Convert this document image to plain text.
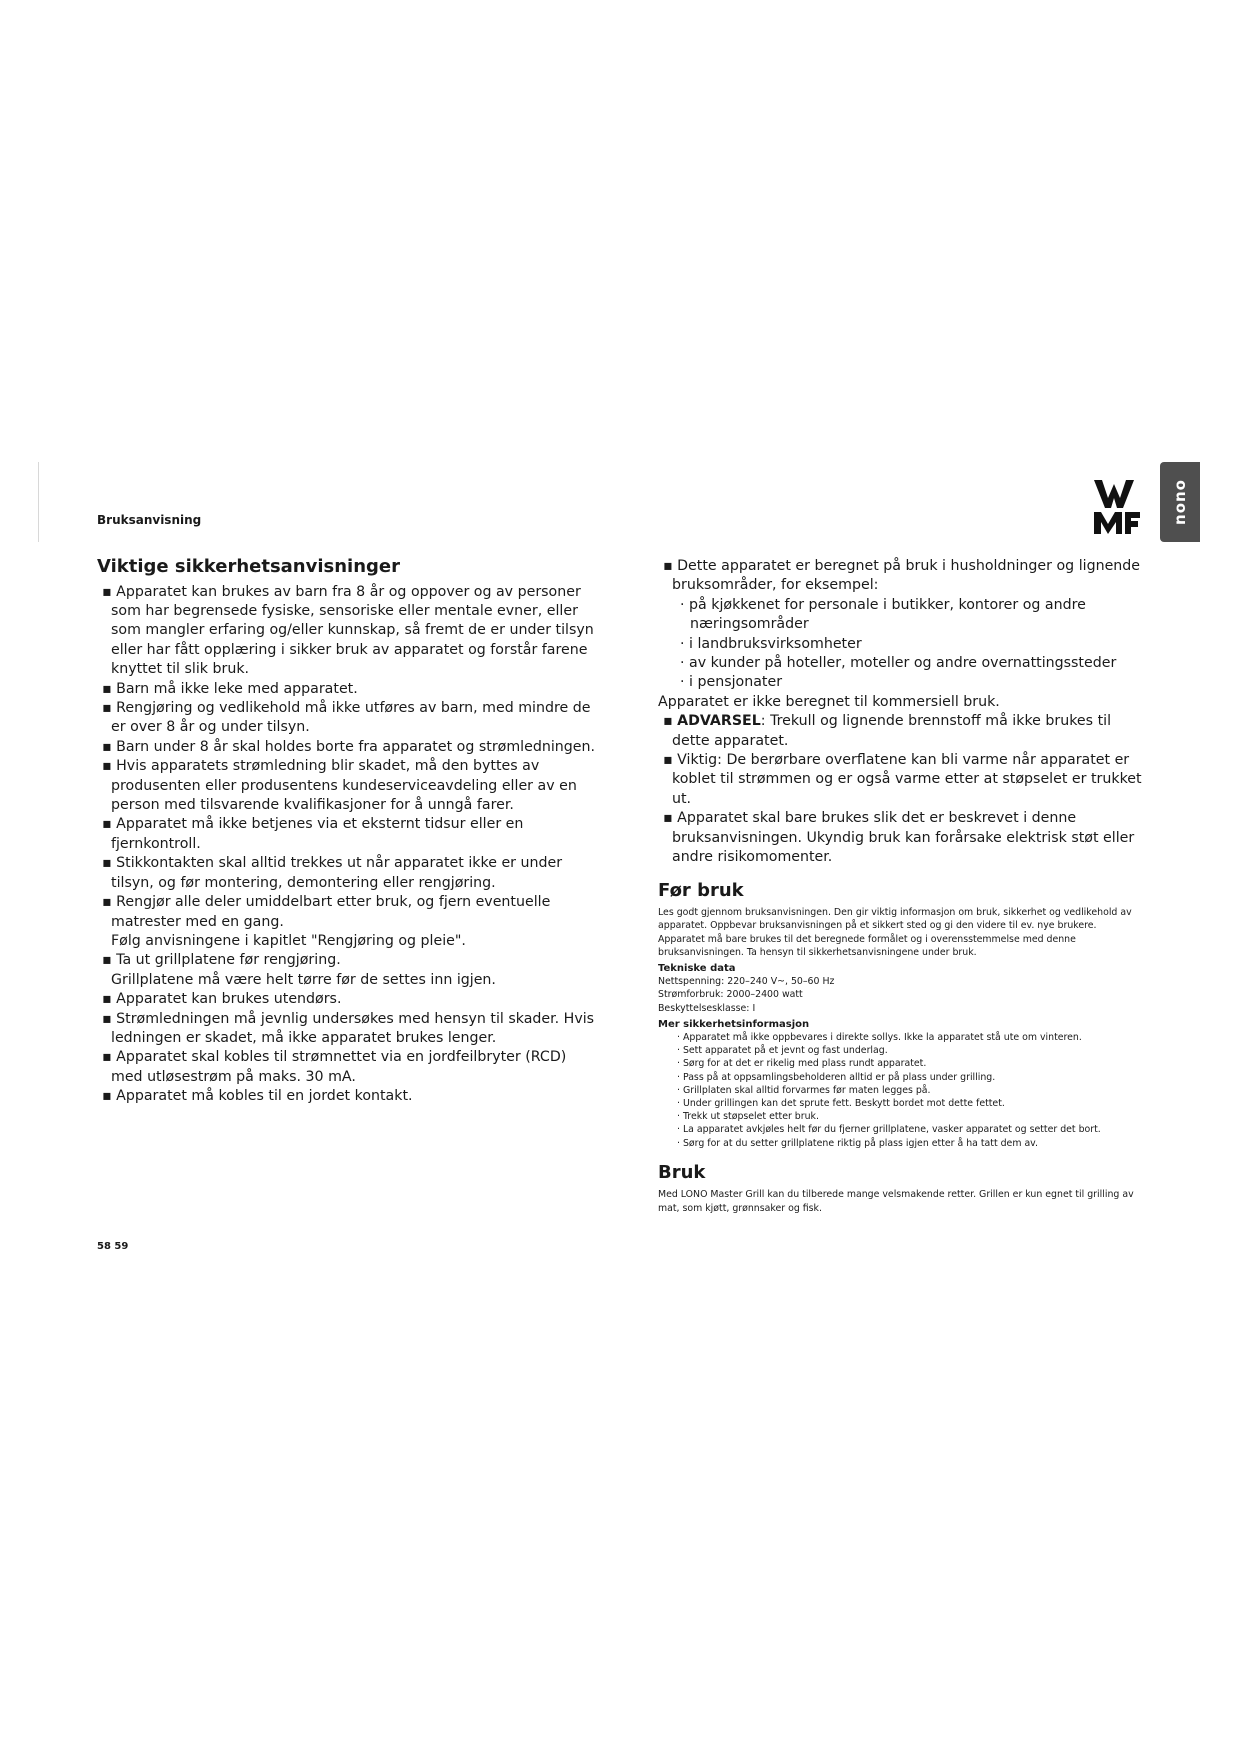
Bruksanvisning	nono
Viktige sikkerhetsanvisninger

▪ Apparatet kan brukes av barn fra 8 år og oppover og av personer som har begrensede fysiske, sensoriske eller mentale evner, eller som mangler erfaring og/eller kunnskap, så fremt de er under tilsyn eller har fått opplæring i sikker bruk av apparatet og forstår farene knyttet til slik bruk.

▪ Barn må ikke leke med apparatet.

▪ Rengjøring og vedlikehold må ikke utføres av barn, med mindre de er over 8 år og under tilsyn.

▪ Barn under 8 år skal holdes borte fra apparatet og strømledningen.

▪ Hvis apparatets strømledning blir skadet, må den byttes av produsenten eller produsentens kundeserviceavdeling eller av en person med tilsvarende kvalifikasjoner for å unngå farer.

▪ Apparatet må ikke betjenes via et eksternt tidsur eller en fjernkontroll.

▪ Stikkontakten skal alltid trekkes ut når apparatet ikke er under tilsyn, og før montering, demontering eller rengjøring.

▪ Rengjør alle deler umiddelbart etter bruk, og fjern eventuelle matrester med en gang.

Følg anvisningene i kapitlet "Rengjøring og pleie".

▪ Ta ut grillplatene før rengjøring.

Grillplatene må være helt tørre før de settes inn igjen.

▪ Apparatet kan brukes utendørs.

▪ Strømledningen må jevnlig undersøkes med hensyn til skader. Hvis ledningen er skadet, må ikke apparatet brukes lenger.

▪ Apparatet skal kobles til strømnettet via en jordfeilbryter (RCD) med utløsestrøm på maks. 30 mA.

▪ Apparatet må kobles til en jordet kontakt.

▪ Dette apparatet er beregnet på bruk i husholdninger og lignende bruksområder, for eksempel:

· på kjøkkenet for personale i butikker, kontorer og andre næringsområder

· i landbruksvirksomheter

· av kunder på hoteller, moteller og andre overnattingssteder

· i pensjonater

Apparatet er ikke beregnet til kommersiell bruk.

▪ ADVARSEL: Trekull og lignende brennstoff må ikke brukes til dette apparatet.

▪ Viktig: De berørbare overflatene kan bli varme når apparatet er koblet til strømmen og er også varme etter at støpselet er trukket ut.

▪ Apparatet skal bare brukes slik det er beskrevet i denne bruksanvisningen. Ukyndig bruk kan forårsake elektrisk støt eller andre risikomomenter.

Før bruk

Les godt gjennom bruksanvisningen. Den gir viktig informasjon om bruk, sikkerhet og vedlikehold av apparatet. Oppbevar bruksanvisningen på et sikkert sted og gi den videre til ev. nye brukere.

Apparatet må bare brukes til det beregnede formålet og i overensstemmelse med denne bruksanvisningen. Ta hensyn til sikkerhetsanvisningene under bruk.

Tekniske data

Nettspenning: 220–240 V~, 50–60 Hz

Strømforbruk: 2000–2400 watt

Beskyttelsesklasse: I

Mer sikkerhetsinformasjon

· Apparatet må ikke oppbevares i direkte sollys. Ikke la apparatet stå ute om vinteren.

· Sett apparatet på et jevnt og fast underlag.

· Sørg for at det er rikelig med plass rundt apparatet.

· Pass på at oppsamlingsbeholderen alltid er på plass under grilling.

· Grillplaten skal alltid forvarmes før maten legges på.

· Under grillingen kan det sprute fett. Beskytt bordet mot dette fettet.

· Trekk ut støpselet etter bruk.

· La apparatet avkjøles helt før du fjerner grillplatene, vasker apparatet og setter det bort.

· Sørg for at du setter grillplatene riktig på plass igjen etter å ha tatt dem av.

Bruk

Med LONO Master Grill kan du tilberede mange velsmakende retter. Grillen er kun egnet til grilling av mat, som kjøtt, grønnsaker og fisk.

58 59
